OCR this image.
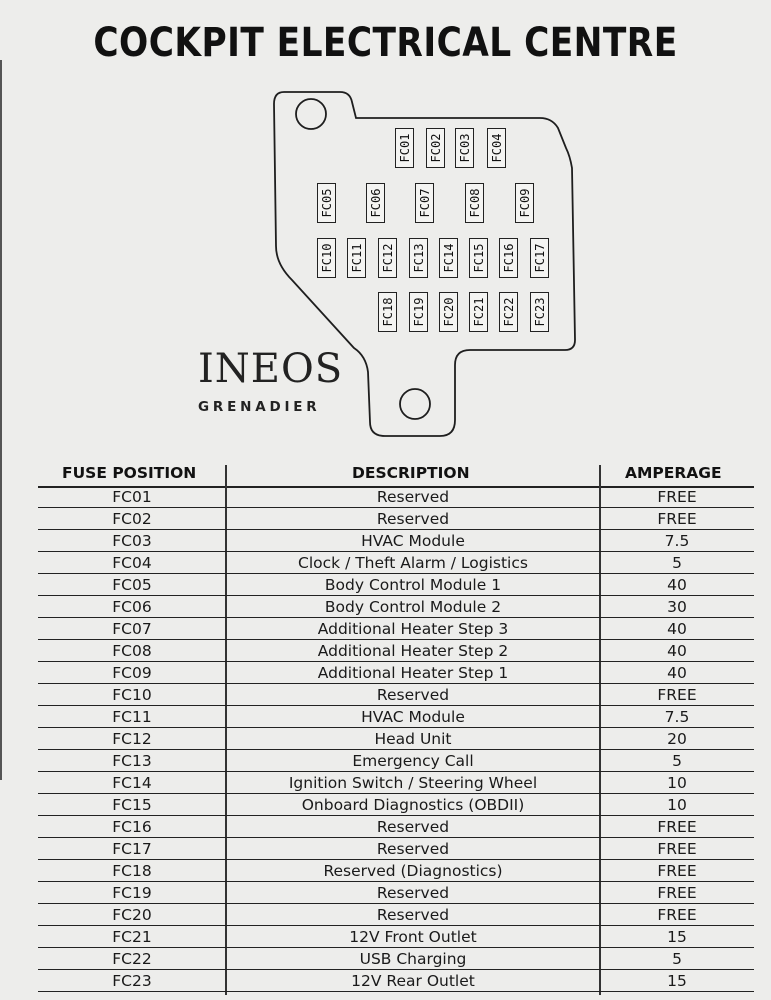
COCKPIT ELECTRICAL CENTRE
FC01 FC02 FC03 FC04
FC05	FC06	FC07	FC08	FC09
FC10 FC11 FC12 FC13 FC14 FC15 FC16 FC17
FC18 FC19 FC20 FC21 FC22 FC23
INEOS
GRENADIER
FUSE POSITION	DESCRIPTION	AMPERAGE
FC01	Reserved	FREE
FC02	Reserved	FREE
FC03	HVAC Module	7.5
FC04	Clock / Theft Alarm / Logistics	5
FC05	Body Control Module 1	40
FC06	Body Control Module 2	30
FC07	Additional Heater Step 3	40
FC08	Additional Heater Step 2	40
FC09	Additional Heater Step 1	40
FC10	Reserved	FREE
FC11	HVAC Module	7.5
FC12	Head Unit	20
FC13	Emergency Call	5
FC14	Ignition Switch / Steering Wheel	10
FC15	Onboard Diagnostics (OBDII)	10
FC16	Reserved	FREE
FC17	Reserved	FREE
FC18	Reserved (Diagnostics)	FREE
FC19	Reserved	FREE
FC20	Reserved	FREE
FC21	12V Front Outlet	15
FC22	USB Charging	5
FC23	12V Rear Outlet	15
